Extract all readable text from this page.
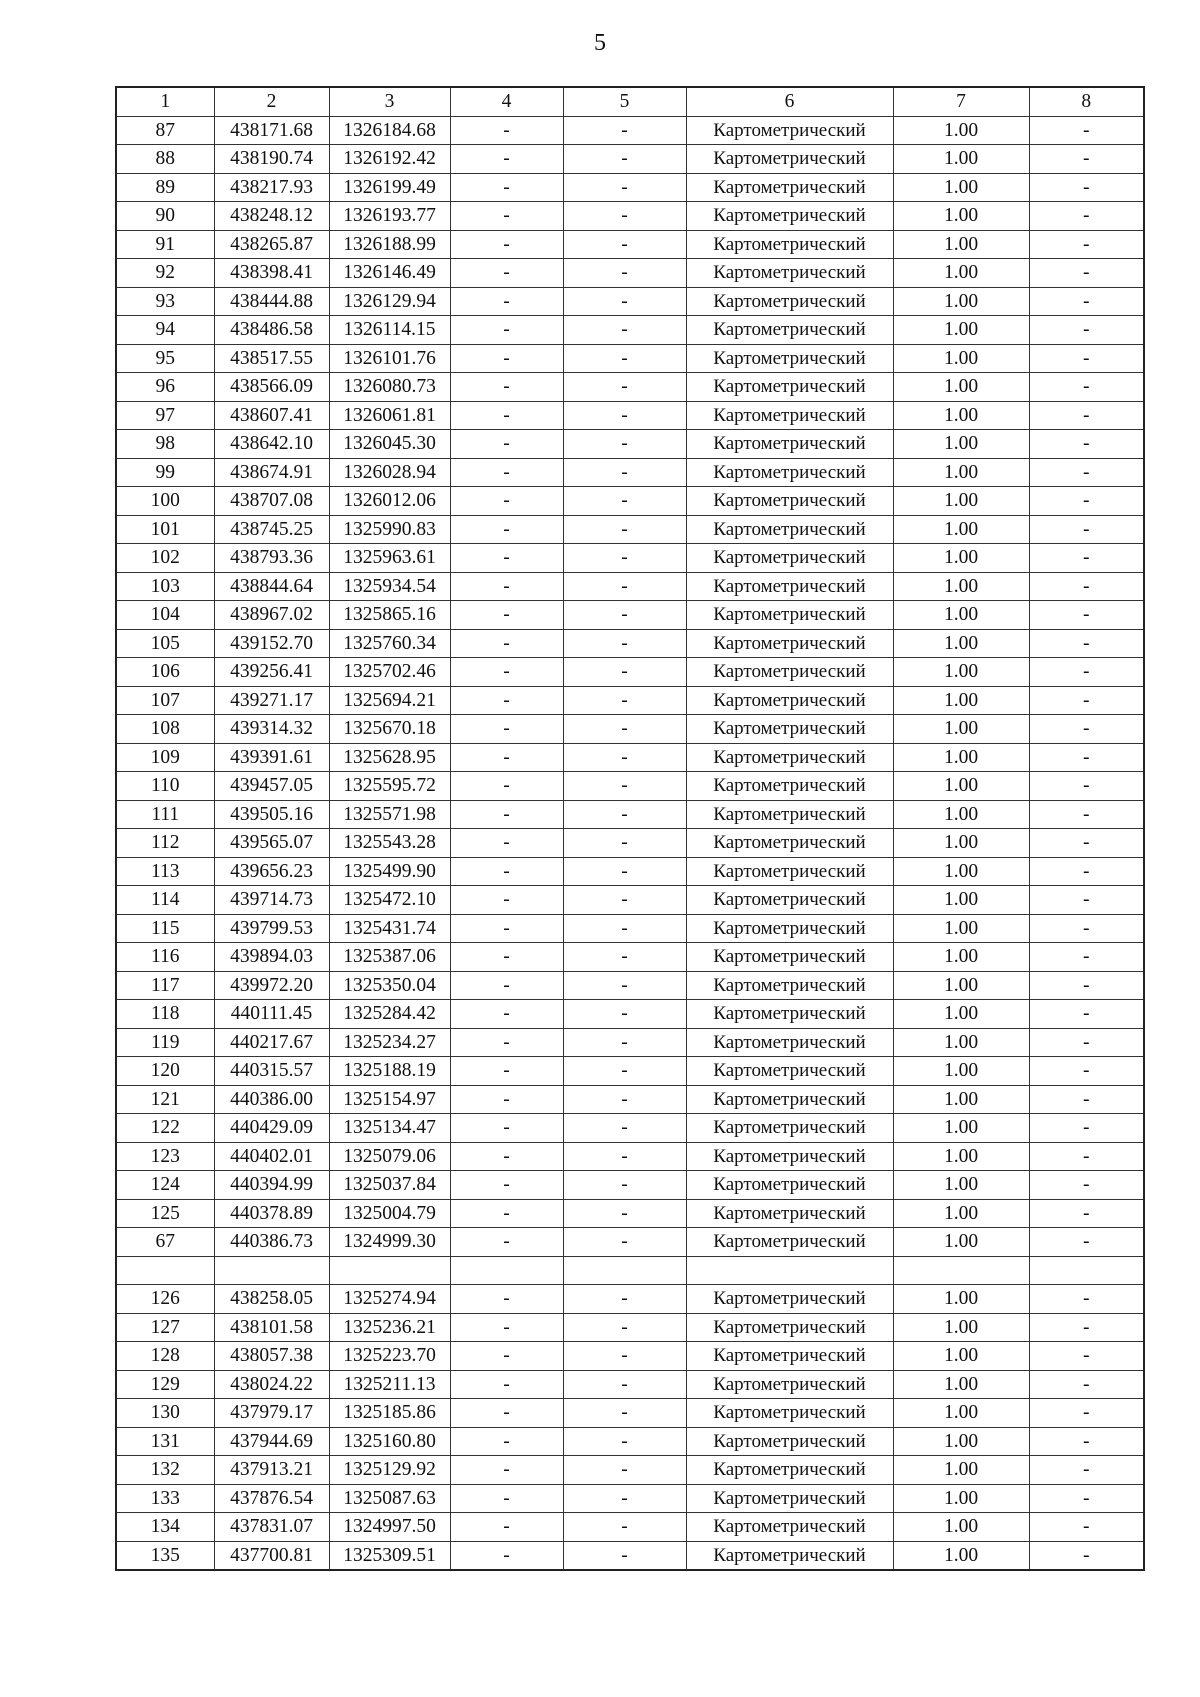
5
1	2	3	4	5	6	7	8
87	438171.68	1326184.68	-	-	Картометрический	1.00	-
88	438190.74	1326192.42	-	-	Картометрический	1.00	-
89	438217.93	1326199.49	-	-	Картометрический	1.00	-
90	438248.12	1326193.77	-	-	Картометрический	1.00	-
91	438265.87	1326188.99	-	-	Картометрический	1.00	-
92	438398.41	1326146.49	-	-	Картометрический	1.00	-
93	438444.88	1326129.94	-	-	Картометрический	1.00	-
94	438486.58	1326114.15	-	-	Картометрический	1.00	-
95	438517.55	1326101.76	-	-	Картометрический	1.00	-
96	438566.09	1326080.73	-	-	Картометрический	1.00	-
97	438607.41	1326061.81	-	-	Картометрический	1.00	-
98	438642.10	1326045.30	-	-	Картометрический	1.00	-
99	438674.91	1326028.94	-	-	Картометрический	1.00	-
100	438707.08	1326012.06	-	-	Картометрический	1.00	-
101	438745.25	1325990.83	-	-	Картометрический	1.00	-
102	438793.36	1325963.61	-	-	Картометрический	1.00	-
103	438844.64	1325934.54	-	-	Картометрический	1.00	-
104	438967.02	1325865.16	-	-	Картометрический	1.00	-
105	439152.70	1325760.34	-	-	Картометрический	1.00	-
106	439256.41	1325702.46	-	-	Картометрический	1.00	-
107	439271.17	1325694.21	-	-	Картометрический	1.00	-
108	439314.32	1325670.18	-	-	Картометрический	1.00	-
109	439391.61	1325628.95	-	-	Картометрический	1.00	-
110	439457.05	1325595.72	-	-	Картометрический	1.00	-
111	439505.16	1325571.98	-	-	Картометрический	1.00	-
112	439565.07	1325543.28	-	-	Картометрический	1.00	-
113	439656.23	1325499.90	-	-	Картометрический	1.00	-
114	439714.73	1325472.10	-	-	Картометрический	1.00	-
115	439799.53	1325431.74	-	-	Картометрический	1.00	-
116	439894.03	1325387.06	-	-	Картометрический	1.00	-
117	439972.20	1325350.04	-	-	Картометрический	1.00	-
118	440111.45	1325284.42	-	-	Картометрический	1.00	-
119	440217.67	1325234.27	-	-	Картометрический	1.00	-
120	440315.57	1325188.19	-	-	Картометрический	1.00	-
121	440386.00	1325154.97	-	-	Картометрический	1.00	-
122	440429.09	1325134.47	-	-	Картометрический	1.00	-
123	440402.01	1325079.06	-	-	Картометрический	1.00	-
124	440394.99	1325037.84	-	-	Картометрический	1.00	-
125	440378.89	1325004.79	-	-	Картометрический	1.00	-
67	440386.73	1324999.30	-	-	Картометрический	1.00	-

126	438258.05	1325274.94	-	-	Картометрический	1.00	-
127	438101.58	1325236.21	-	-	Картометрический	1.00	-
128	438057.38	1325223.70	-	-	Картометрический	1.00	-
129	438024.22	1325211.13	-	-	Картометрический	1.00	-
130	437979.17	1325185.86	-	-	Картометрический	1.00	-
131	437944.69	1325160.80	-	-	Картометрический	1.00	-
132	437913.21	1325129.92	-	-	Картометрический	1.00	-
133	437876.54	1325087.63	-	-	Картометрический	1.00	-
134	437831.07	1324997.50	-	-	Картометрический	1.00	-
135	437700.81	1325309.51	-	-	Картометрический	1.00	-
